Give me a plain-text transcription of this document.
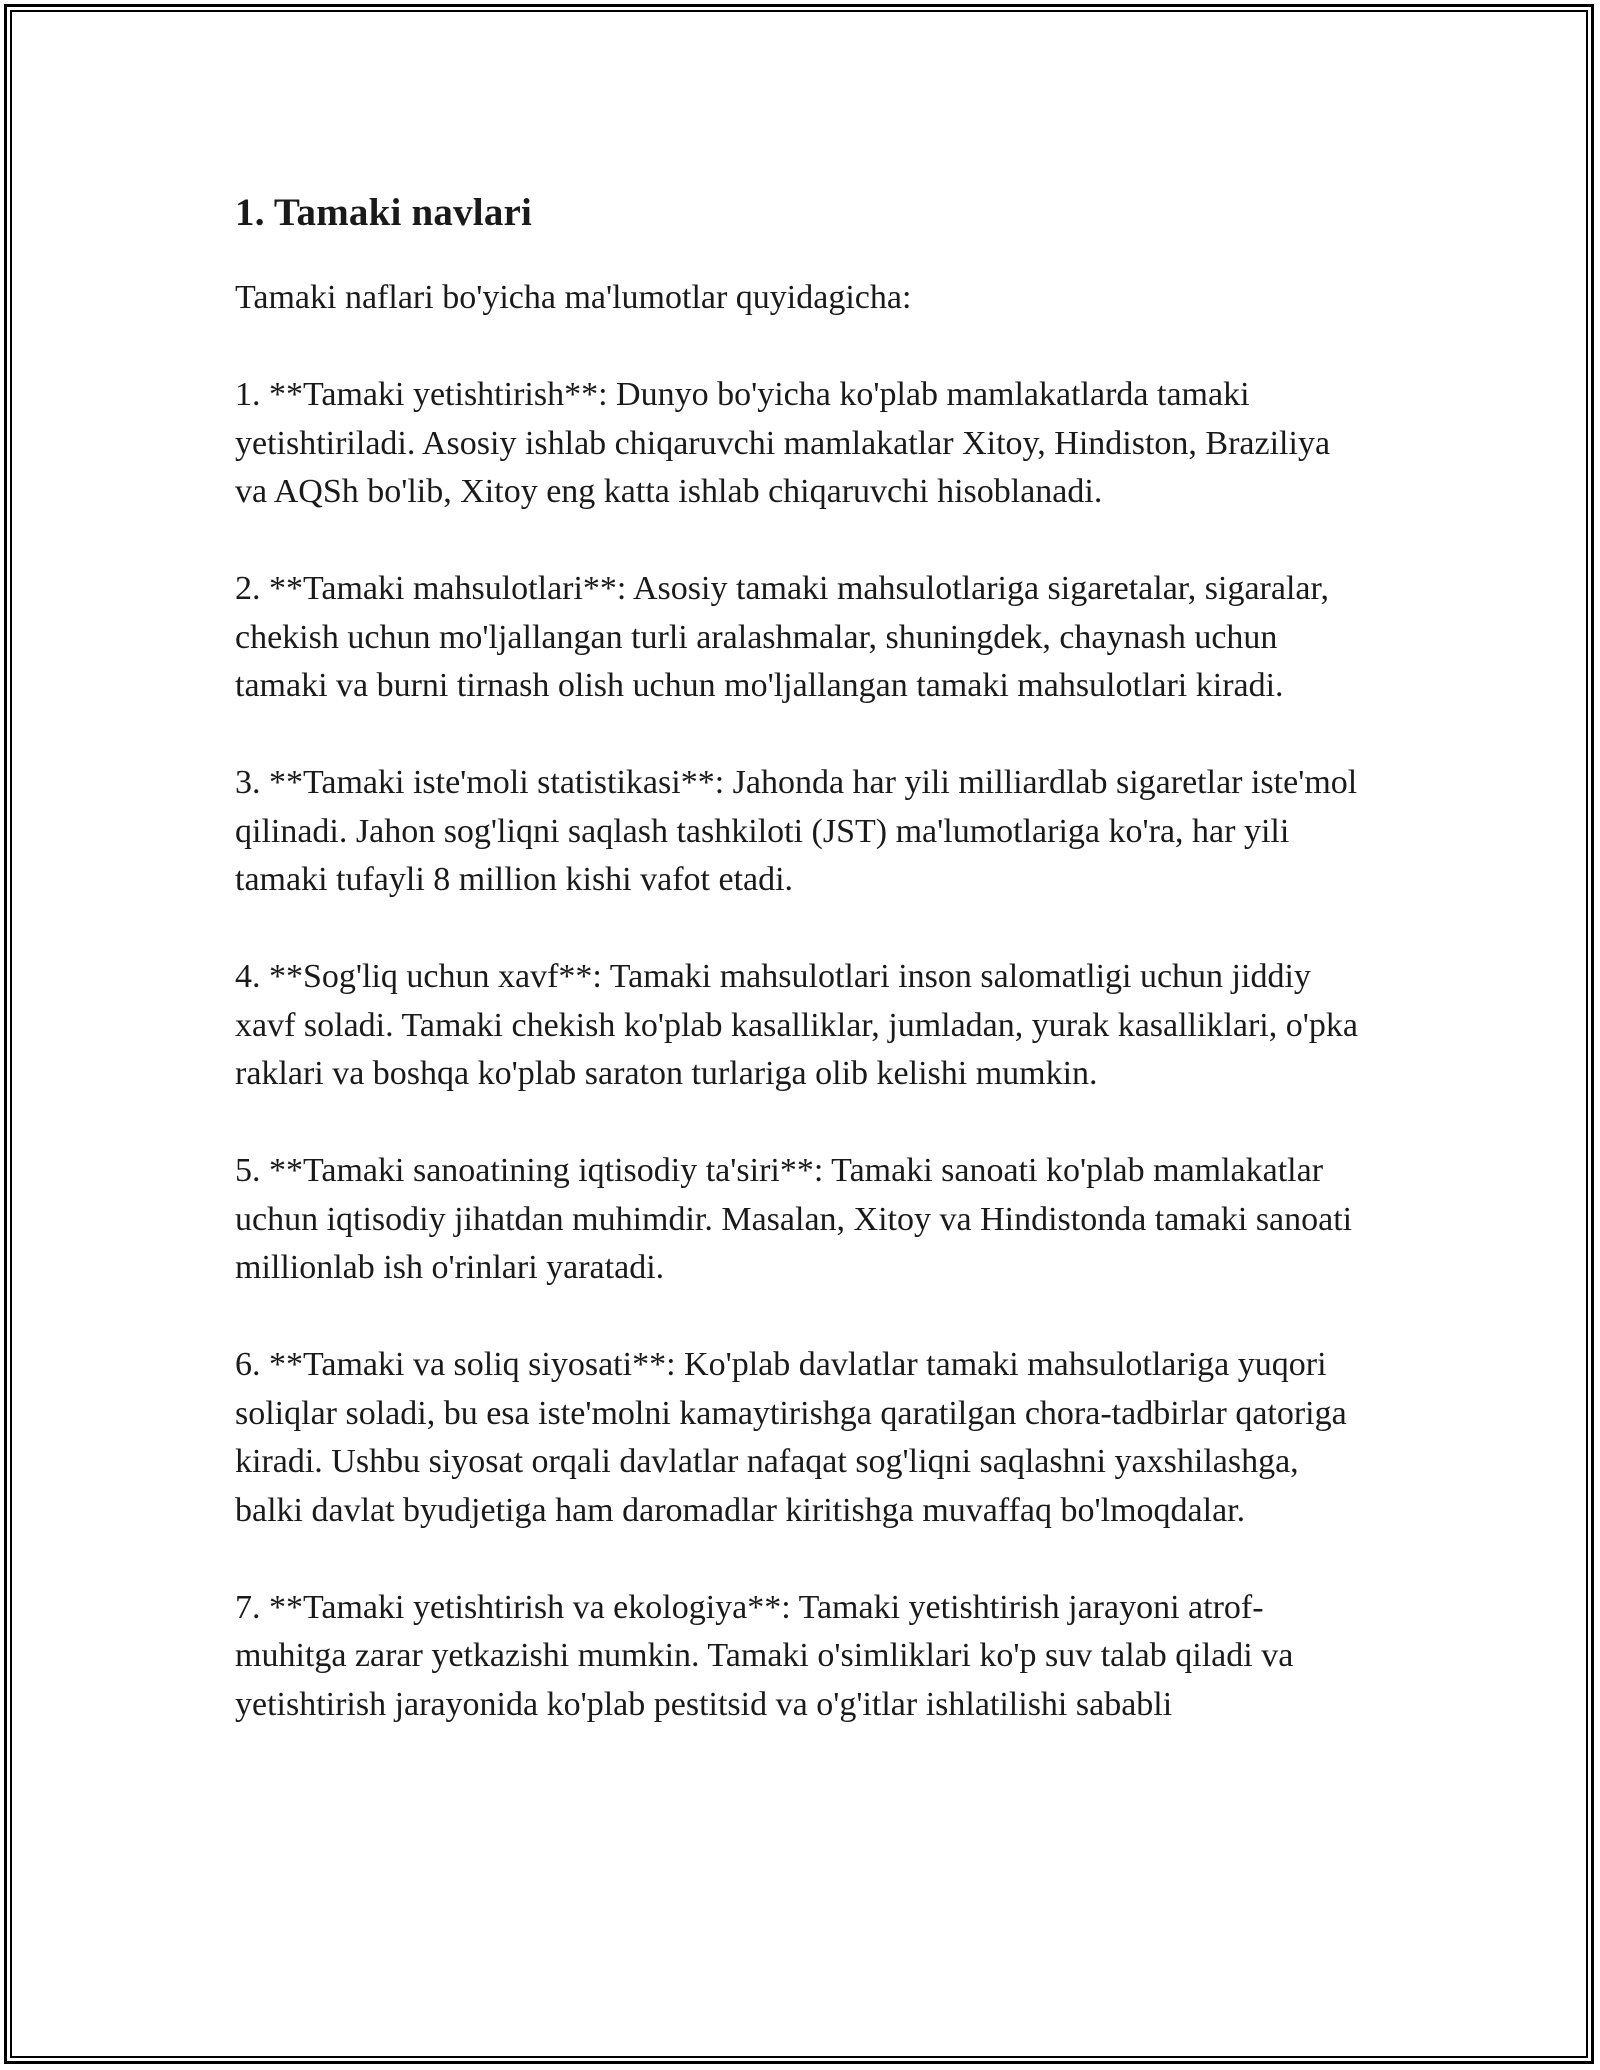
1. Tamaki navlari

Tamaki naflari bo'yicha ma'lumotlar quyidagicha:

1. **Tamaki yetishtirish**: Dunyo bo'yicha ko'plab mamlakatlarda tamaki yetishtiriladi. Asosiy ishlab chiqaruvchi mamlakatlar Xitoy, Hindiston, Braziliya va AQSh bo'lib, Xitoy eng katta ishlab chiqaruvchi hisoblanadi.

2. **Tamaki mahsulotlari**: Asosiy tamaki mahsulotlariga sigaretalar, sigaralar, chekish uchun mo'ljallangan turli aralashmalar, shuningdek, chaynash uchun tamaki va burni tirnash olish uchun mo'ljallangan tamaki mahsulotlari kiradi.

3. **Tamaki iste'moli statistikasi**: Jahonda har yili milliardlab sigaretlar iste'mol qilinadi. Jahon sog'liqni saqlash tashkiloti (JST) ma'lumotlariga ko'ra, har yili tamaki tufayli 8 million kishi vafot etadi.

4. **Sog'liq uchun xavf**: Tamaki mahsulotlari inson salomatligi uchun jiddiy xavf soladi. Tamaki chekish ko'plab kasalliklar, jumladan, yurak kasalliklari, o'pka raklari va boshqa ko'plab saraton turlariga olib kelishi mumkin.

5. **Tamaki sanoatining iqtisodiy ta'siri**: Tamaki sanoati ko'plab mamlakatlar uchun iqtisodiy jihatdan muhimdir. Masalan, Xitoy va Hindistonda tamaki sanoati millionlab ish o'rinlari yaratadi.

6. **Tamaki va soliq siyosati**: Ko'plab davlatlar tamaki mahsulotlariga yuqori soliqlar soladi, bu esa iste'molni kamaytirishga qaratilgan chora-tadbirlar qatoriga kiradi. Ushbu siyosat orqali davlatlar nafaqat sog'liqni saqlashni yaxshilashga, balki davlat byudjetiga ham daromadlar kiritishga muvaffaq bo'lmoqdalar.

7. **Tamaki yetishtirish va ekologiya**: Tamaki yetishtirish jarayoni atrof-muhitga zarar yetkazishi mumkin. Tamaki o'simliklari ko'p suv talab qiladi va yetishtirish jarayonida ko'plab pestitsid va o'g'itlar ishlatilishi sababli
